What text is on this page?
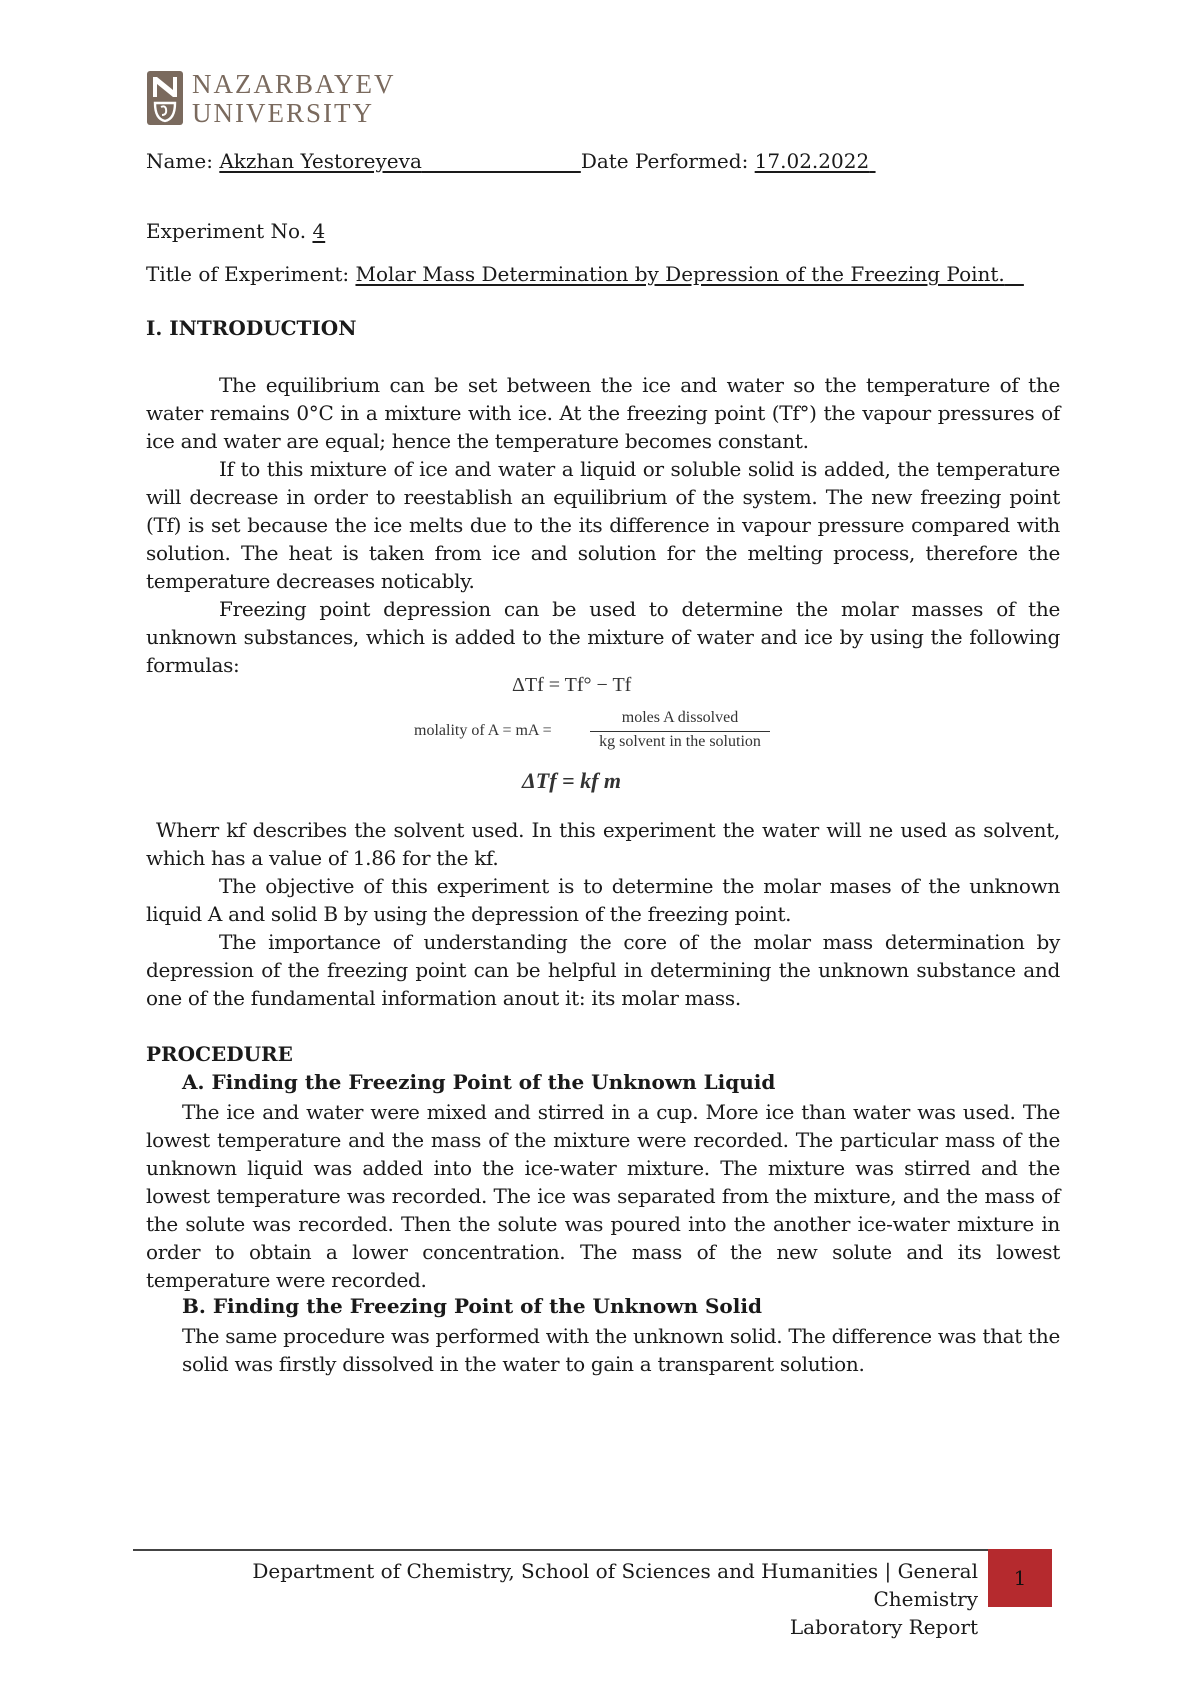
NAZARBAYEV
UNIVERSITY
Name: Akzhan Yestoreyeva	Date Performed: 17.02.2022
Experiment No. 4
Title of Experiment: Molar Mass Determination by Depression of the Freezing Point.
I. INTRODUCTION

The equilibrium can be set between the ice and water so the temperature of the water remains 0°C in a mixture with ice. At the freezing point (Tf°) the vapour pressures of ice and water are equal; hence the temperature becomes constant.

If to this mixture of ice and water a liquid or soluble solid is added, the temperature will decrease in order to reestablish an equilibrium of the system. The new freezing point (Tf) is set because the ice melts due to the its difference in vapour pressure compared with solution. The heat is taken from ice and solution for the melting process, therefore the temperature decreases noticably.

Freezing point depression can be used to determine the molar masses of the unknown substances, which is added to the mixture of water and ice by using the following formulas:

ΔTf = Tf° − Tf
molality of A = mA =
moles A dissolved
kg solvent in the solution
ΔTf = kf m

Wherr kf describes the solvent used. In this experiment the water will ne used as solvent, which has a value of 1.86 for the kf.

The objective of this experiment is to determine the molar mases of the unknown liquid A and solid B by using the depression of the freezing point.

The importance of understanding the core of the molar mass determination by depression of the freezing point can be helpful in determining the unknown substance and one of the fundamental information anout it: its molar mass.

PROCEDURE
A. Finding the Freezing Point of the Unknown Liquid

The ice and water were mixed and stirred in a cup. More ice than water was used. The lowest temperature and the mass of the mixture were recorded. The particular mass of the unknown liquid was added into the ice-water mixture. The mixture was stirred and the lowest temperature was recorded. The ice was separated from the mixture, and the mass of the solute was recorded. Then the solute was poured into the another ice-water mixture in order to obtain a lower concentration. The mass of the new solute and its lowest temperature were recorded.

B. Finding the Freezing Point of the Unknown Solid

The same procedure was performed with the unknown solid. The difference was that the solid was firstly dissolved in the water to gain a transparent solution.

Department of Chemistry, School of Sciences and Humanities | General Chemistry
Laboratory Report
1
